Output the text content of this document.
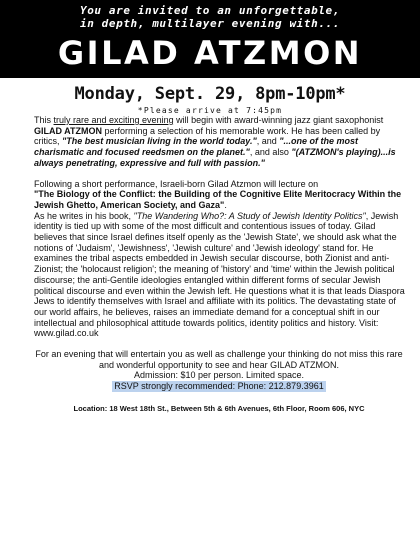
You are invited to an unforgettable,
in depth, multilayer evening with...
GILAD ATZMON
Monday, Sept. 29, 8pm-10pm*
*Please arrive at 7:45pm

This truly rare and exciting evening will begin with award-winning jazz giant saxophonist GILAD ATZMON performing a selection of his memorable work. He has been called by critics, "The best musician living in the world today.", and "...one of the most charismatic and focused reedsmen on the planet.", and also "(ATZMON's playing)...is always penetrating, expressive and full with passion."

Following a short performance, Israeli-born Gilad Atzmon will lecture on
"The Biology of the Conflict: the Building of the Cognitive Elite Meritocracy Within the Jewish Ghetto, American Society, and Gaza".
As he writes in his book, "The Wandering Who?: A Study of Jewish Identity Politics", Jewish identity is tied up with some of the most difficult and contentious issues of today. Gilad believes that since Israel defines itself openly as the 'Jewish State', we should ask what the notions of 'Judaism', 'Jewishness', 'Jewish culture' and 'Jewish ideology' stand for. He examines the tribal aspects embedded in Jewish secular discourse, both Zionist and anti-Zionist; the 'holocaust religion'; the meaning of 'history' and 'time' within the Jewish political discourse; the anti-Gentile ideologies entangled within different forms of secular Jewish political discourse and even within the Jewish left. He questions what it is that leads Diaspora Jews to identify themselves with Israel and affiliate with its politics. The devastating state of our world affairs, he believes, raises an immediate demand for a conceptual shift in our intellectual and philosophical attitude towards politics, identity politics and history. Visit: www.gilad.co.uk

For an evening that will entertain you as well as challenge your thinking do not miss this rare and wonderful opportunity to see and hear GILAD ATZMON.
Admission: $10 per person. Limited space.
RSVP strongly recommended: Phone: 212.879.3961
Location: 18 West 18th St., Between 5th & 6th Avenues, 6th Floor, Room 606, NYC
